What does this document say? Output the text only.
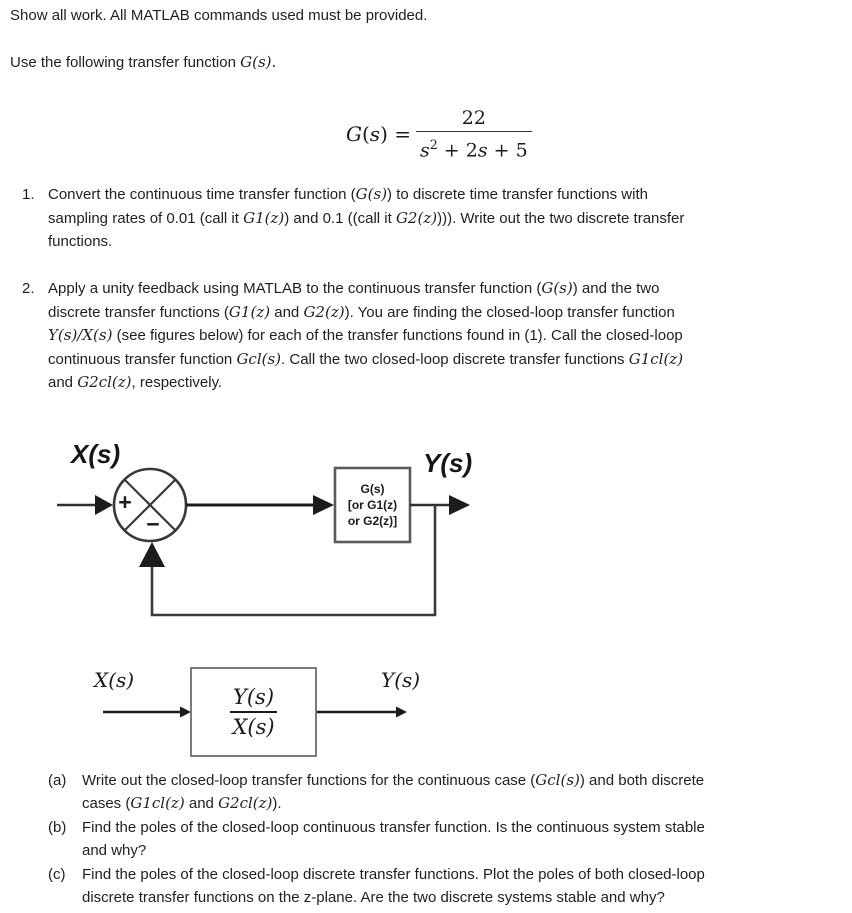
Show all work. All MATLAB commands used must be provided.
Use the following transfer function G(s).
$G(s) = \frac{22}{s^2 + 2s + 5}$
1. Convert the continuous time transfer function (G(s)) to discrete time transfer functions with
sampling rates of 0.01 (call it G1(z)) and 0.1 ((call it G2(z)))). Write out the two discrete transfer
functions.
2. Apply a unity feedback using MATLAB to the continuous transfer function (G(s)) and the two
discrete transfer functions (G1(z) and G2(z)). You are finding the closed-loop transfer function
Y(s)/X(s) (see figures below) for each of the transfer functions found in (1). Call the closed-loop
continuous transfer function Gcl(s). Call the two closed-loop discrete transfer functions G1cl(z)
and G2cl(z), respectively.
+
−
X(s)	Y(s)
G(s)
[or G1(z)
or G2(z)]
$\frac{Y(s)}{X(s)}$
X(s)	Y(s)
(a) Write out the closed-loop transfer functions for the continuous case (Gcl(s)) and both discrete
cases (G1cl(z) and G2cl(z)).
(b) Find the poles of the closed-loop continuous transfer function. Is the continuous system stable
and why?
(c) Find the poles of the closed-loop discrete transfer functions. Plot the poles of both closed-loop
discrete transfer functions on the z-plane. Are the two discrete systems stable and why?
